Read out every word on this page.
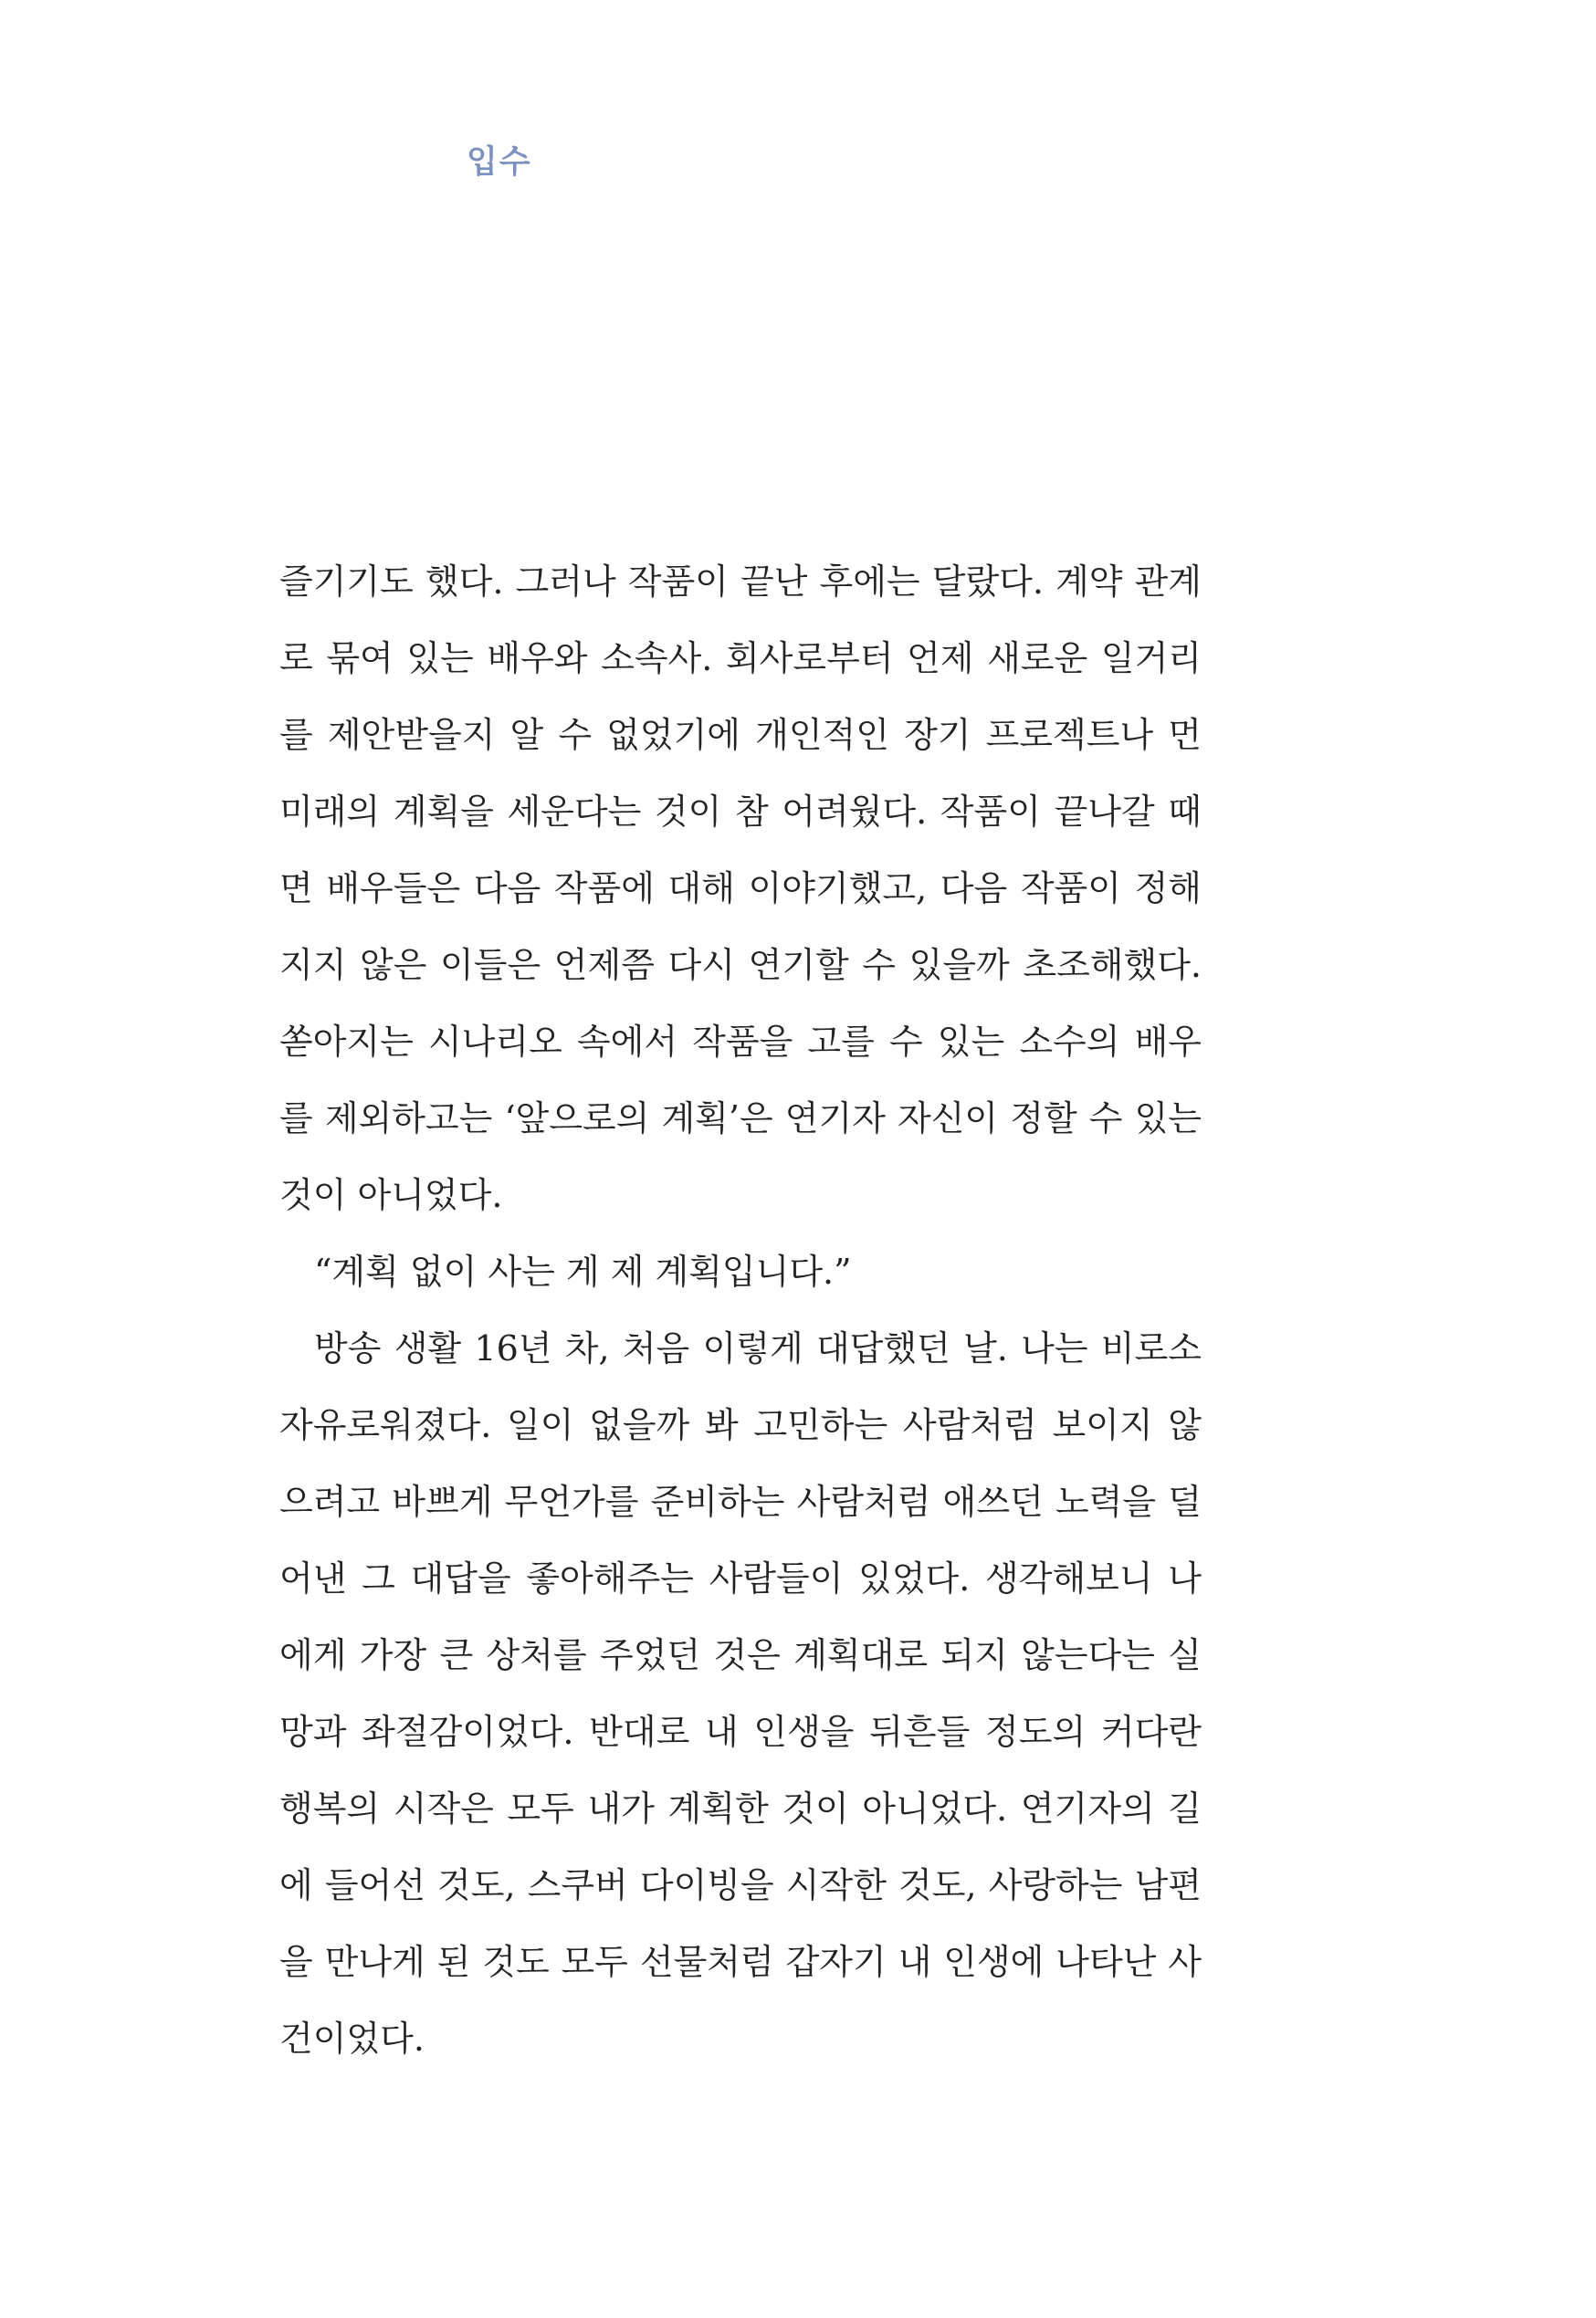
입수
즐기기도 했다. 그러나 작품이 끝난 후에는 달랐다. 계약 관계
로 묶여 있는 배우와 소속사. 회사로부터 언제 새로운 일거리
를 제안받을지 알 수 없었기에 개인적인 장기 프로젝트나 먼
미래의 계획을 세운다는 것이 참 어려웠다. 작품이 끝나갈 때
면 배우들은 다음 작품에 대해 이야기했고, 다음 작품이 정해
지지 않은 이들은 언제쯤 다시 연기할 수 있을까 초조해했다.
쏟아지는 시나리오 속에서 작품을 고를 수 있는 소수의 배우
를 제외하고는 ‘앞으로의 계획’은 연기자 자신이 정할 수 있는
것이 아니었다.
“계획 없이 사는 게 제 계획입니다.”
방송 생활 16년 차, 처음 이렇게 대답했던 날. 나는 비로소
자유로워졌다. 일이 없을까 봐 고민하는 사람처럼 보이지 않
으려고 바쁘게 무언가를 준비하는 사람처럼 애쓰던 노력을 덜
어낸 그 대답을 좋아해주는 사람들이 있었다. 생각해보니 나
에게 가장 큰 상처를 주었던 것은 계획대로 되지 않는다는 실
망과 좌절감이었다. 반대로 내 인생을 뒤흔들 정도의 커다란
행복의 시작은 모두 내가 계획한 것이 아니었다. 연기자의 길
에 들어선 것도, 스쿠버 다이빙을 시작한 것도, 사랑하는 남편
을 만나게 된 것도 모두 선물처럼 갑자기 내 인생에 나타난 사
건이었다.
